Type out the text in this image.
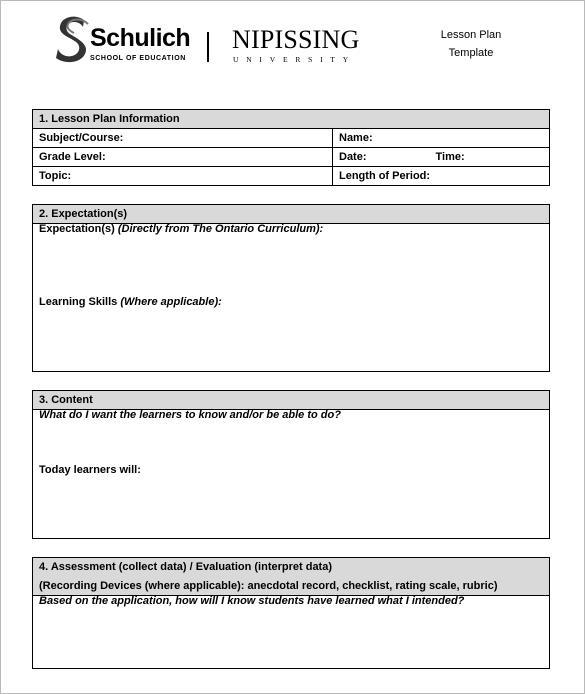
Schulich
SCHOOL OF EDUCATION
NIPISSING
UNIVERSITY
Lesson Plan
Template
1. Lesson Plan Information
Subject/Course:	Name:
Grade Level:	Date:	Time:
Topic:	Length of Period:
2. Expectation(s)
Expectation(s) (Directly from The Ontario Curriculum):
Learning Skills (Where applicable):
3. Content
What do I want the learners to know and/or be able to do?
Today learners will:
4. Assessment (collect data) / Evaluation (interpret data)
(Recording Devices (where applicable): anecdotal record, checklist, rating scale, rubric)
Based on the application, how will I know students have learned what I intended?
